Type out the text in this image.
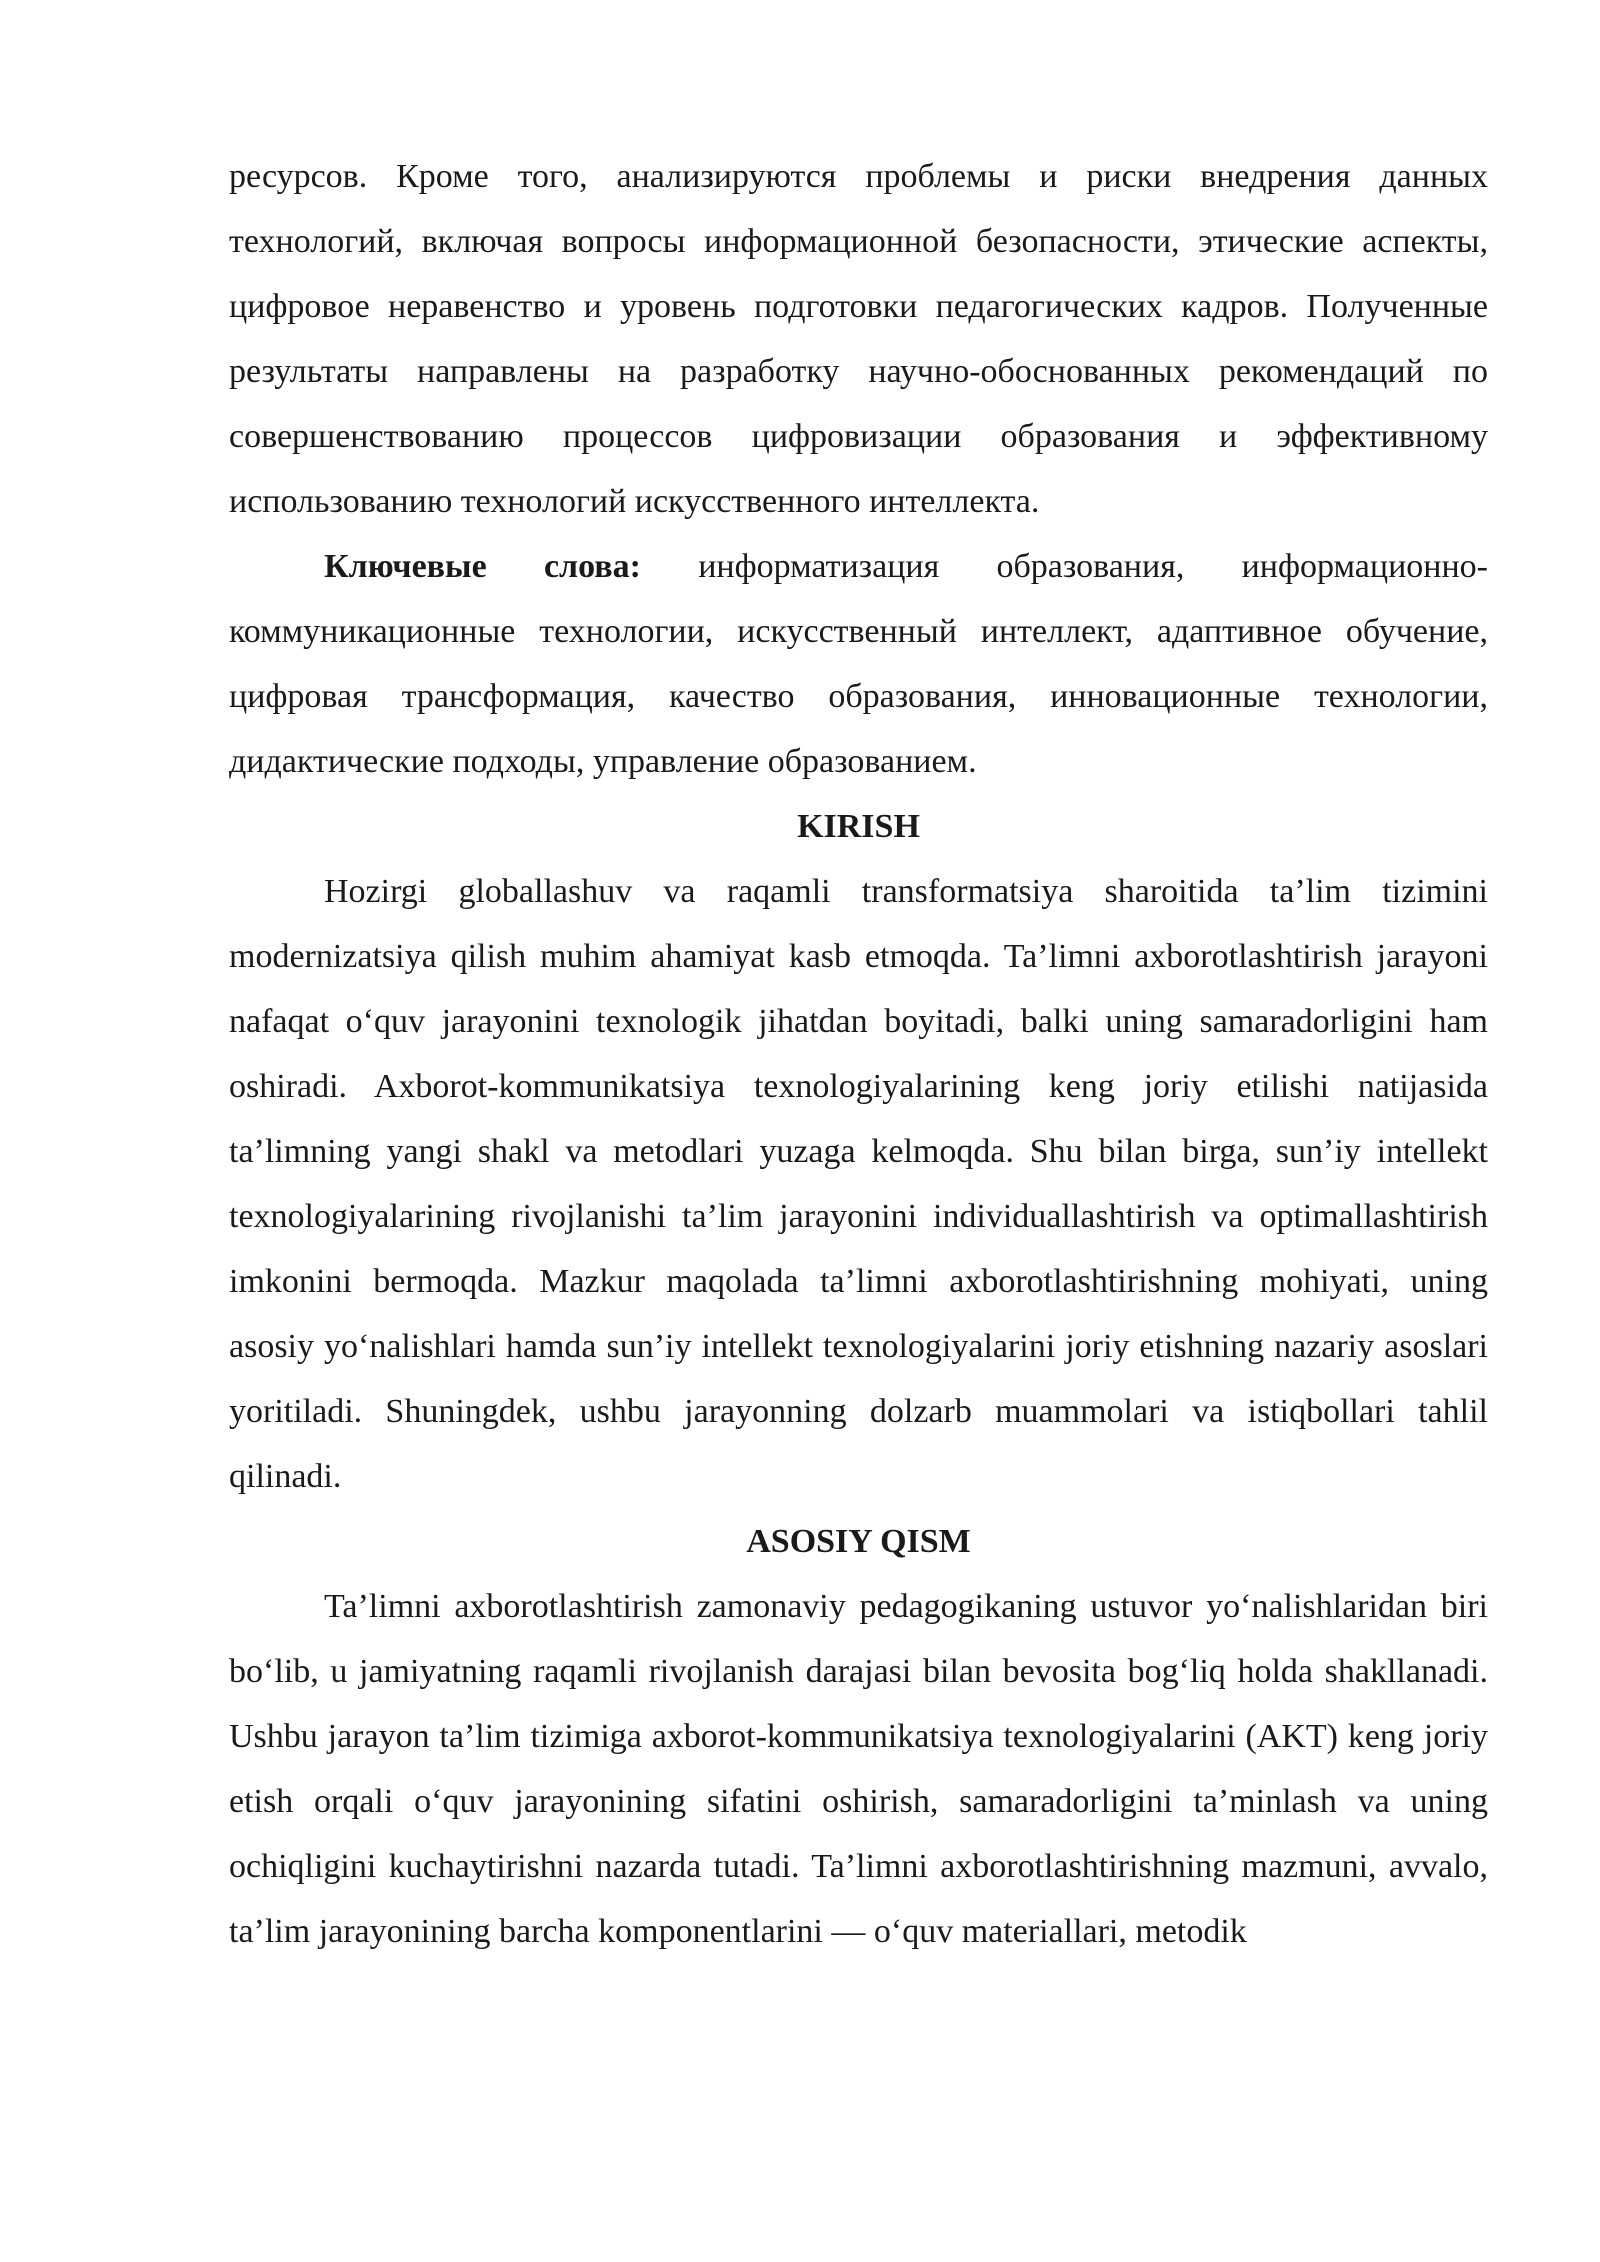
ресурсов. Кроме того, анализируются проблемы и риски внедрения данных технологий, включая вопросы информационной безопасности, этические аспекты, цифровое неравенство и уровень подготовки педагогических кадров. Полученные результаты направлены на разработку научно-обоснованных рекомендаций по совершенствованию процессов цифровизации образования и эффективному использованию технологий искусственного интеллекта.

Ключевые слова: информатизация образования, информационно-коммуникационные технологии, искусственный интеллект, адаптивное обучение, цифровая трансформация, качество образования, инновационные технологии, дидактические подходы, управление образованием.

KIRISH

Hozirgi globallashuv va raqamli transformatsiya sharoitida ta’lim tizimini modernizatsiya qilish muhim ahamiyat kasb etmoqda. Ta’limni axborotlashtirish jarayoni nafaqat o‘quv jarayonini texnologik jihatdan boyitadi, balki uning samaradorligini ham oshiradi. Axborot-kommunikatsiya texnologiyalarining keng joriy etilishi natijasida ta’limning yangi shakl va metodlari yuzaga kelmoqda. Shu bilan birga, sun’iy intellekt texnologiyalarining rivojlanishi ta’lim jarayonini individuallashtirish va optimallashtirish imkonini bermoqda. Mazkur maqolada ta’limni axborotlashtirishning mohiyati, uning asosiy yo‘nalishlari hamda sun’iy intellekt texnologiyalarini joriy etishning nazariy asoslari yoritiladi. Shuningdek, ushbu jarayonning dolzarb muammolari va istiqbollari tahlil qilinadi.

ASOSIY QISM

Ta’limni axborotlashtirish zamonaviy pedagogikaning ustuvor yo‘nalishlaridan biri bo‘lib, u jamiyatning raqamli rivojlanish darajasi bilan bevosita bog‘liq holda shakllanadi. Ushbu jarayon ta’lim tizimiga axborot-kommunikatsiya texnologiyalarini (AKT) keng joriy etish orqali o‘quv jarayonining sifatini oshirish, samaradorligini ta’minlash va uning ochiqligini kuchaytirishni nazarda tutadi. Ta’limni axborotlashtirishning mazmuni, avvalo, ta’lim jarayonining barcha komponentlarini — o‘quv materiallari, metodik
